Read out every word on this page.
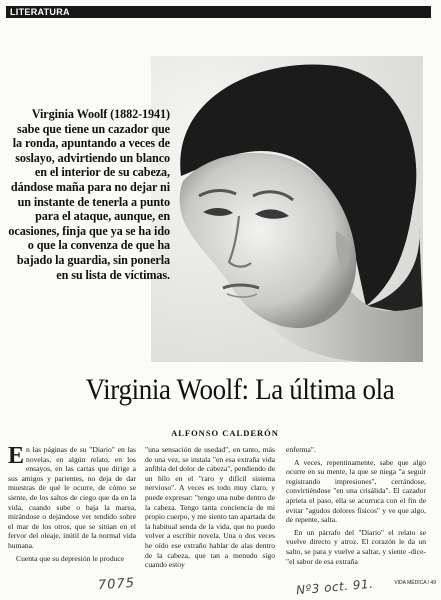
LITERATURA
Virginia Woolf (1882-1941) sabe que tiene un cazador que la ronda, apuntando a veces de soslayo, advirtiendo un blanco en el interior de su cabeza, dándose maña para no dejar ni un instante de tenerla a punto para el ataque, aunque, en ocasiones, finja que ya se ha ido o que la convenza de que ha bajado la guardia, sin ponerla en su lista de víctimas.
Virginia Woolf: La última ola
ALFONSO CALDERÓN
E n las páginas de su "Diario" en las novelas, en algún relato, en los ensayos, en las cartas que dirige a sus amigos y parientes, no deja de dar muestras de qué le ocurre, de cómo se siente, de los saltos de ciego que da en la vida, cuando sube o baja la marea, mirándose o dejándose ver tendido sobre el mar de los otros, que se sitúan en el fervor del oleaje, inútil de la normal vida humana.
Cuenta que su depresión le produce
"una sensación de usedad", en tanto, más de una vez, se instala "en esa extraña vida anfibia del dolor de cabeza", pendiendo de un hilo en el "raro y difícil sistema nervioso". A veces es todo muy claro, y puede expresar: "tengo una nube dentro de la cabeza. Tengo tanta conciencia de mi propio cuerpo, y me siento tan apartada de la habitual senda de la vida, que no puedo volver a escribir novela. Una o dos veces he oído ese extraño hablar de alas dentro de la cabeza, que tan a menudo sigo cuando estoy
enferma".
A veces, repentinamente, sabe que algo ocurre en su mente, la que se niega "a seguir registrando impresiones", cerrándose, convirtiéndose "en una crisálida". El cazador aprieta el paso, ella se acurruca con el fin de evitar "agudos dolores físicos" y ve que algo, de repente, salta.
En un párrafo del "Diario" el relato se vuelve directo y atroz. El corazón le da un salto, se para y vuelve a saltar, y siente -dice- "el sabor de esa extraña
VIDA MÉDICA / 49
7075	Nº3 oct. 91.
